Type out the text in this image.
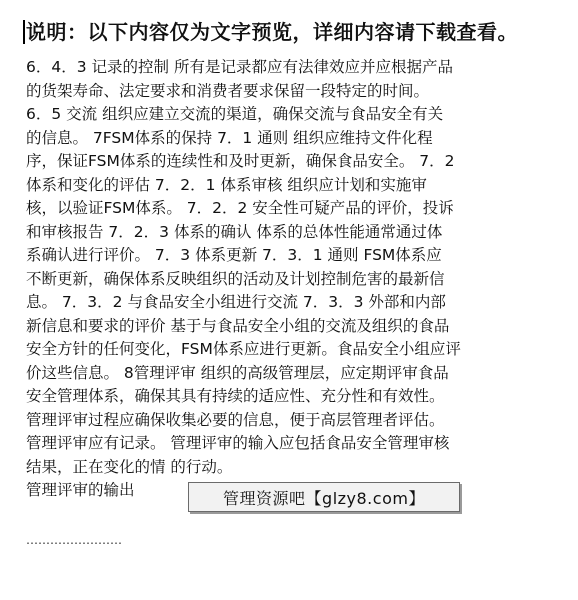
说明：以下内容仅为文字预览，详细内容请下载查看。
6．4．3 记录的控制 所有是记录都应有法律效应并应根据产品
的货架寿命、法定要求和消费者要求保留一段特定的时间。
6．5 交流 组织应建立交流的渠道，确保交流与食品安全有关
的信息。 7FSM体系的保持 7．1 通则 组织应维持文件化程
序，保证FSM体系的连续性和及时更新，确保食品安全。 7．2
体系和变化的评估 7．2．1 体系审核 组织应计划和实施审
核，以验证FSM体系。 7．2．2 安全性可疑产品的评价，投诉
和审核报告 7．2．3 体系的确认 体系的总体性能通常通过体
系确认进行评价。 7．3 体系更新 7．3．1 通则 FSM体系应
不断更新，确保体系反映组织的活动及计划控制危害的最新信
息。 7．3．2 与食品安全小组进行交流 7．3．3 外部和内部
新信息和要求的评价 基于与食品安全小组的交流及组织的食品
安全方针的任何变化，FSM体系应进行更新。食品安全小组应评
价这些信息。 8管理评审 组织的高级管理层，应定期评审食品
安全管理体系，确保其具有持续的适应性、充分性和有效性。
管理评审过程应确保收集必要的信息，便于高层管理者评估。
管理评审应有记录。 管理评审的输入应包括食品安全管理审核
结果，正在变化的情 的行动。
管理评审的输出	管理资源吧【glzy8.com】
……………………
